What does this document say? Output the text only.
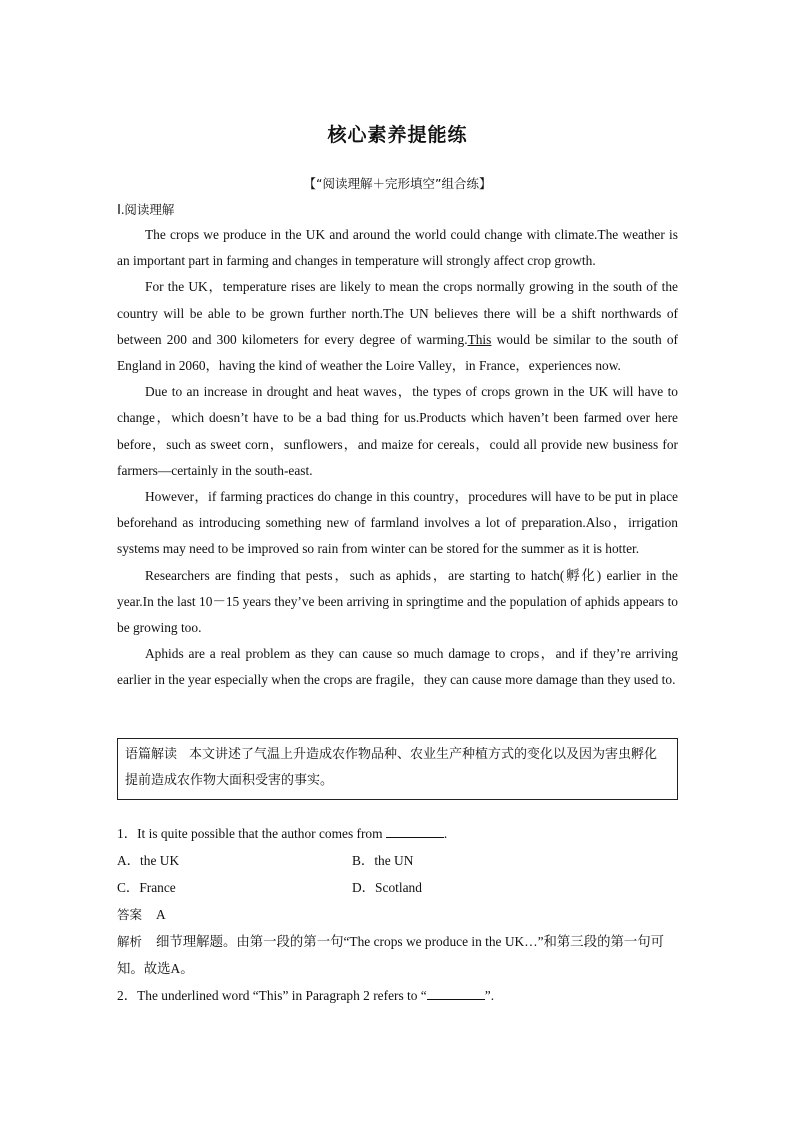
核心素养提能练
【“阅读理解＋完形填空”组合练】
Ⅰ.阅读理解

The crops we produce in the UK and around the world could change with climate.The weather is an important part in farming and changes in temperature will strongly affect crop growth.

For the UK，temperature rises are likely to mean the crops normally growing in the south of the country will be able to be grown further north.The UN believes there will be a shift northwards of between 200 and 300 kilometers for every degree of warming.This would be similar to the south of England in 2060，having the kind of weather the Loire Valley，in France，experiences now.

Due to an increase in drought and heat waves，the types of crops grown in the UK will have to change，which doesn’t have to be a bad thing for us.Products which haven’t been farmed over here before，such as sweet corn，sunflowers，and maize for cereals，could all provide new business for farmers—certainly in the south-east.

However，if farming practices do change in this country，procedures will have to be put in place beforehand as introducing something new of farmland involves a lot of preparation.Also，irrigation systems may need to be improved so rain from winter can be stored for the summer as it is hotter.

Researchers are finding that pests，such as aphids，are starting to hatch(孵化) earlier in the year.In the last 10－15 years they’ve been arriving in springtime and the population of aphids appears to be growing too.

Aphids are a real problem as they can cause so much damage to crops，and if they’re arriving earlier in the year especially when the crops are fragile，they can cause more damage than they used to.

语篇解读 本文讲述了气温上升造成农作物品种、农业生产种植方式的变化以及因为害虫孵化提前造成农作物大面积受害的事实。

1．It is quite possible that the author comes from	.

A．the UK	B．the UN
C．France	D．Scotland

答案 A

解析 细节理解题。由第一段的第一句“The crops we produce in the UK…”和第三段的第一句可知。故选A。

2．The underlined word “This” in Paragraph 2 refers to “	”.
